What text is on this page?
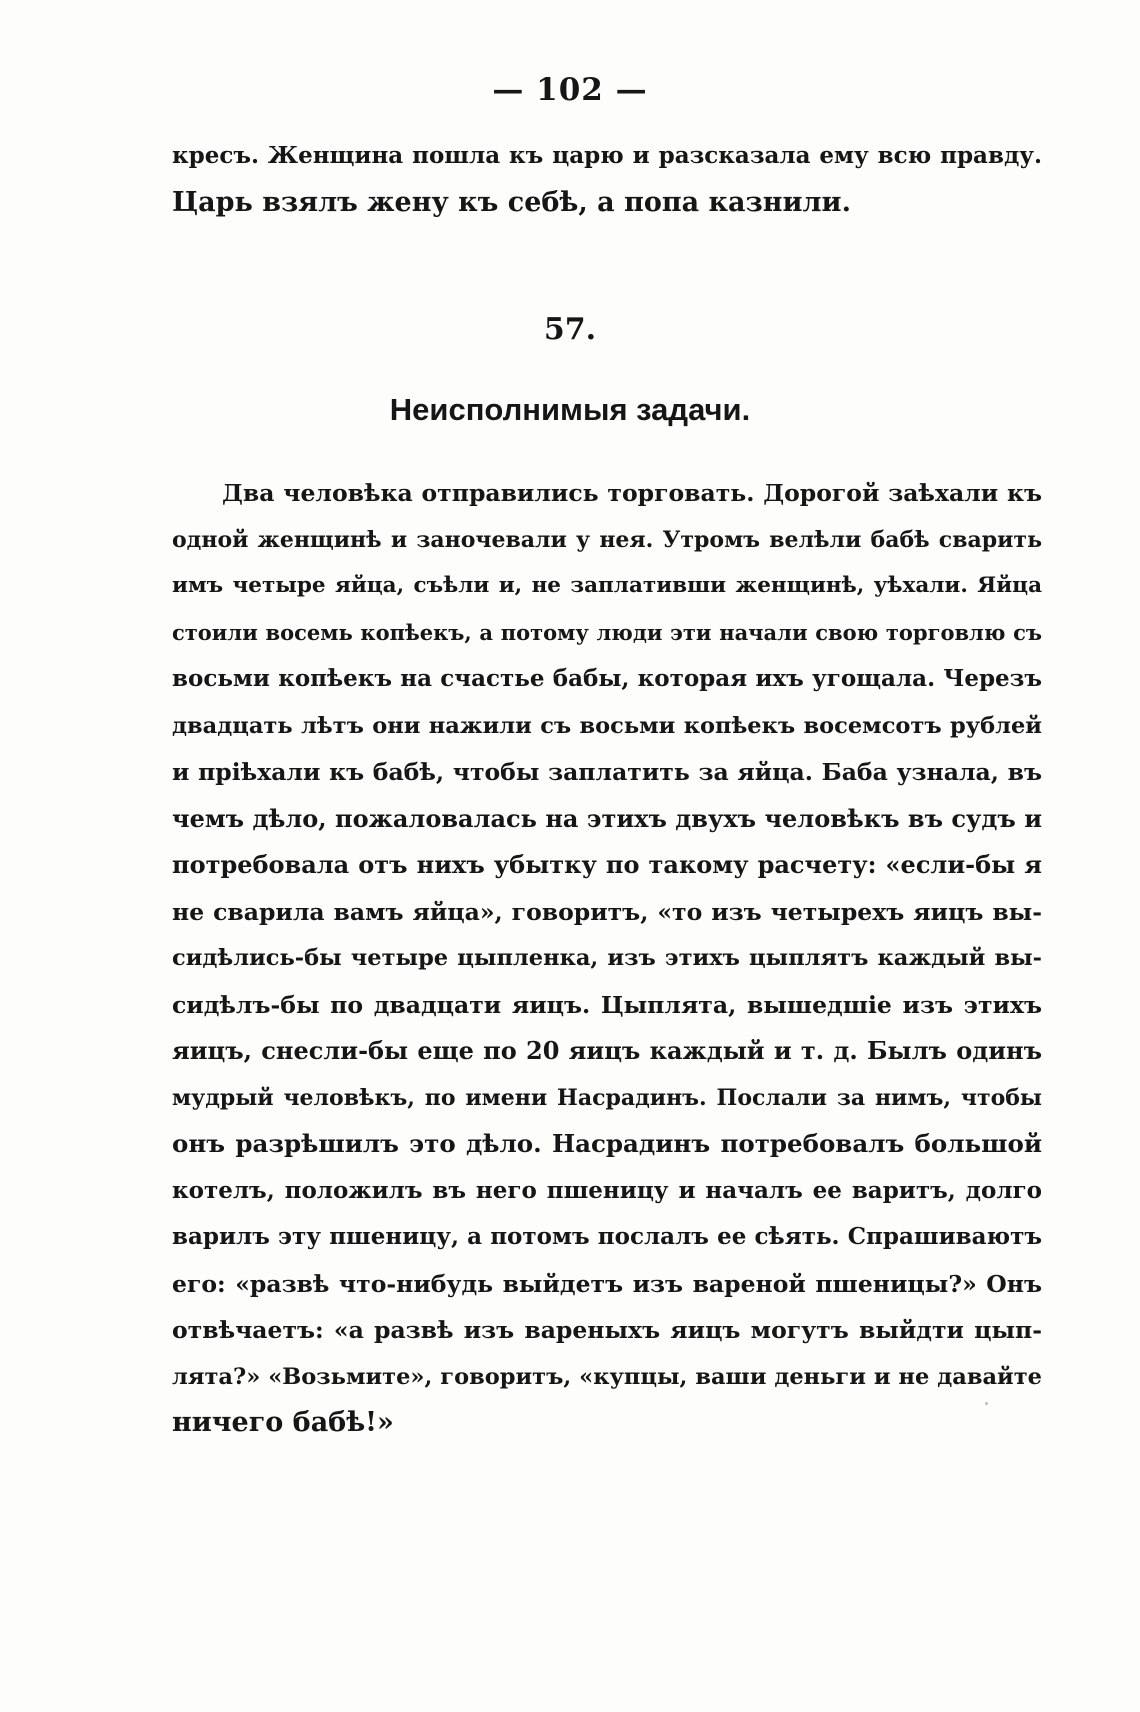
— 102 —
кресъ. Женщина пошла къ царю и разсказала ему всю правду.
Царь взялъ жену къ себѣ, а попа казнили.
57.
Неисполнимыя задачи.
Два человѣка отправились торговать. Дорогой заѣхали къ
одной женщинѣ и заночевали у нея. Утромъ велѣли бабѣ сварить
имъ четыре яйца, съѣли и, не заплативши женщинѣ, уѣхали. Яйца
стоили восемь копѣекъ, а потому люди эти начали свою торговлю съ
восьми копѣекъ на счастье бабы, которая ихъ угощала. Черезъ
двадцать лѣтъ они нажили съ восьми копѣекъ восемсотъ рублей
и пріѣхали къ бабѣ, чтобы заплатить за яйца. Баба узнала, въ
чемъ дѣло, пожаловалась на этихъ двухъ человѣкъ въ судъ и
потребовала отъ нихъ убытку по такому расчету: «если-бы я
не сварила вамъ яйца», говоритъ, «то изъ четырехъ яицъ вы-
сидѣлись-бы четыре цыпленка, изъ этихъ цыплятъ каждый вы-
сидѣлъ-бы по двадцати яицъ. Цыплята, вышедшіе изъ этихъ
яицъ, снесли-бы еще по 20 яицъ каждый и т. д. Былъ одинъ
мудрый человѣкъ, по имени Насрадинъ. Послали за нимъ, чтобы
онъ разрѣшилъ это дѣло. Насрадинъ потребовалъ большой
котелъ, положилъ въ него пшеницу и началъ ее варитъ, долго
варилъ эту пшеницу, а потомъ послалъ ее сѣять. Спрашиваютъ
его: «развѣ что-нибудь выйдетъ изъ вареной пшеницы?» Онъ
отвѣчаетъ: «а развѣ изъ вареныхъ яицъ могутъ выйдти цып-
лята?» «Возьмите», говоритъ, «купцы, ваши деньги и не давайте
ничего бабѣ!»
